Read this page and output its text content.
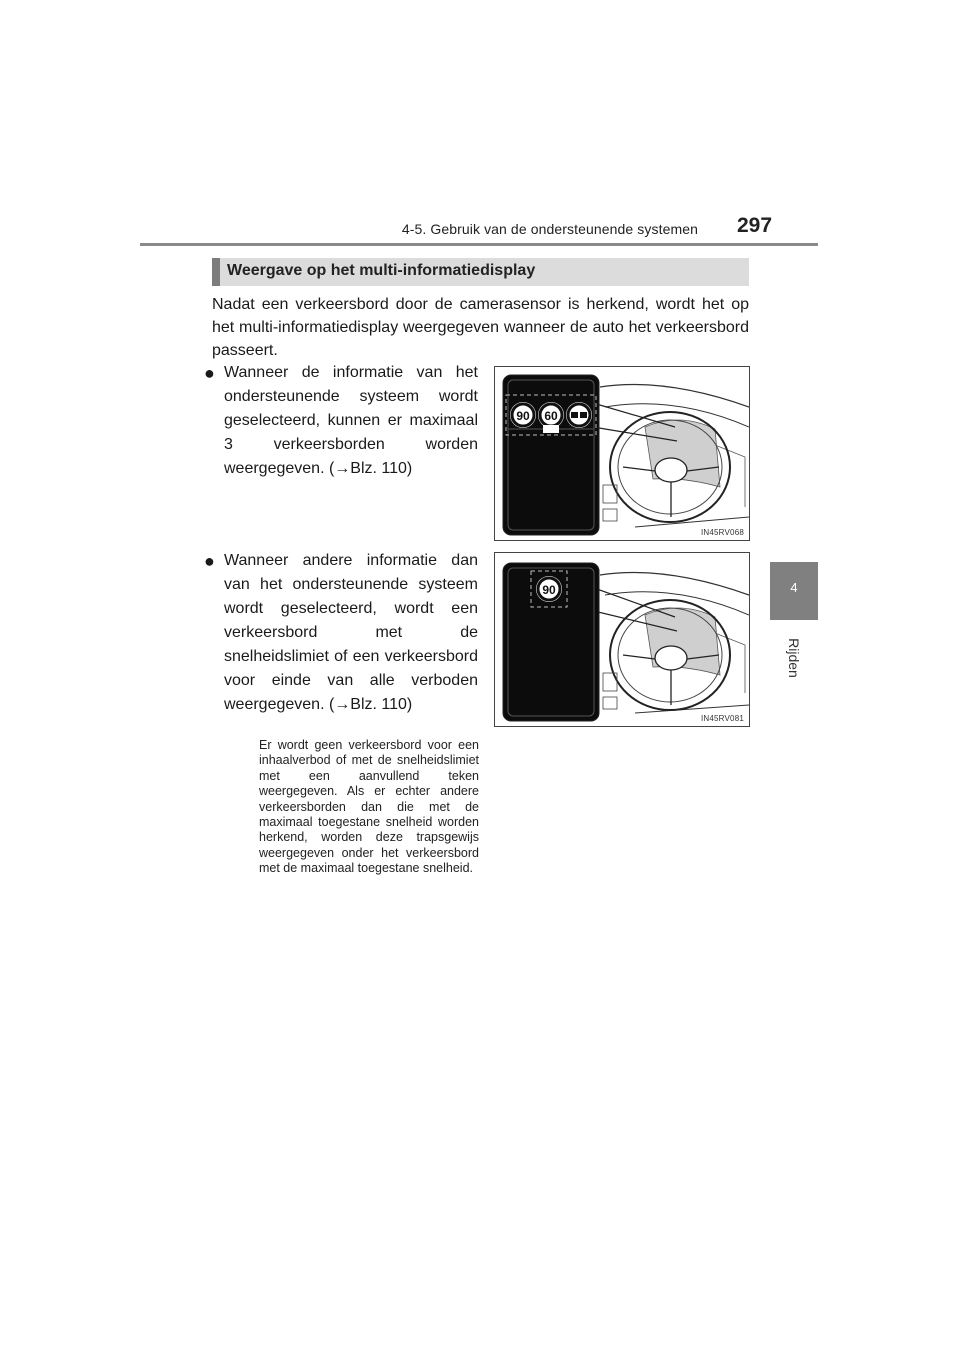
4-5. Gebruik van de ondersteunende systemen 297
4
Rijden
Weergave op het multi-informatiedisplay

Nadat een verkeersbord door de camerasensor is herkend, wordt het op het multi-informatiedisplay weergegeven wanneer de auto het verkeersbord passeert.

● Wanneer de informatie van het ondersteunende systeem wordt geselecteerd, kunnen er maximaal 3 verkeersborden worden weergegeven. (→Blz. 110)
● Wanneer andere informatie dan van het ondersteunende systeem wordt geselecteerd, wordt een verkeersbord met de snelheidslimiet of een verkeersbord voor einde van alle verboden weergegeven. (→Blz. 110)

Er wordt geen verkeersbord voor een inhaalverbod of met de snelheidslimiet met een aanvullend teken weergegeven. Als er echter andere verkeersborden dan die met de maximaal toegestane snelheid worden herkend, worden deze trapsgewijs weergegeven onder het verkeersbord met de maximaal toegestane snelheid.

90 60
IN45RV068
90
IN45RV081
